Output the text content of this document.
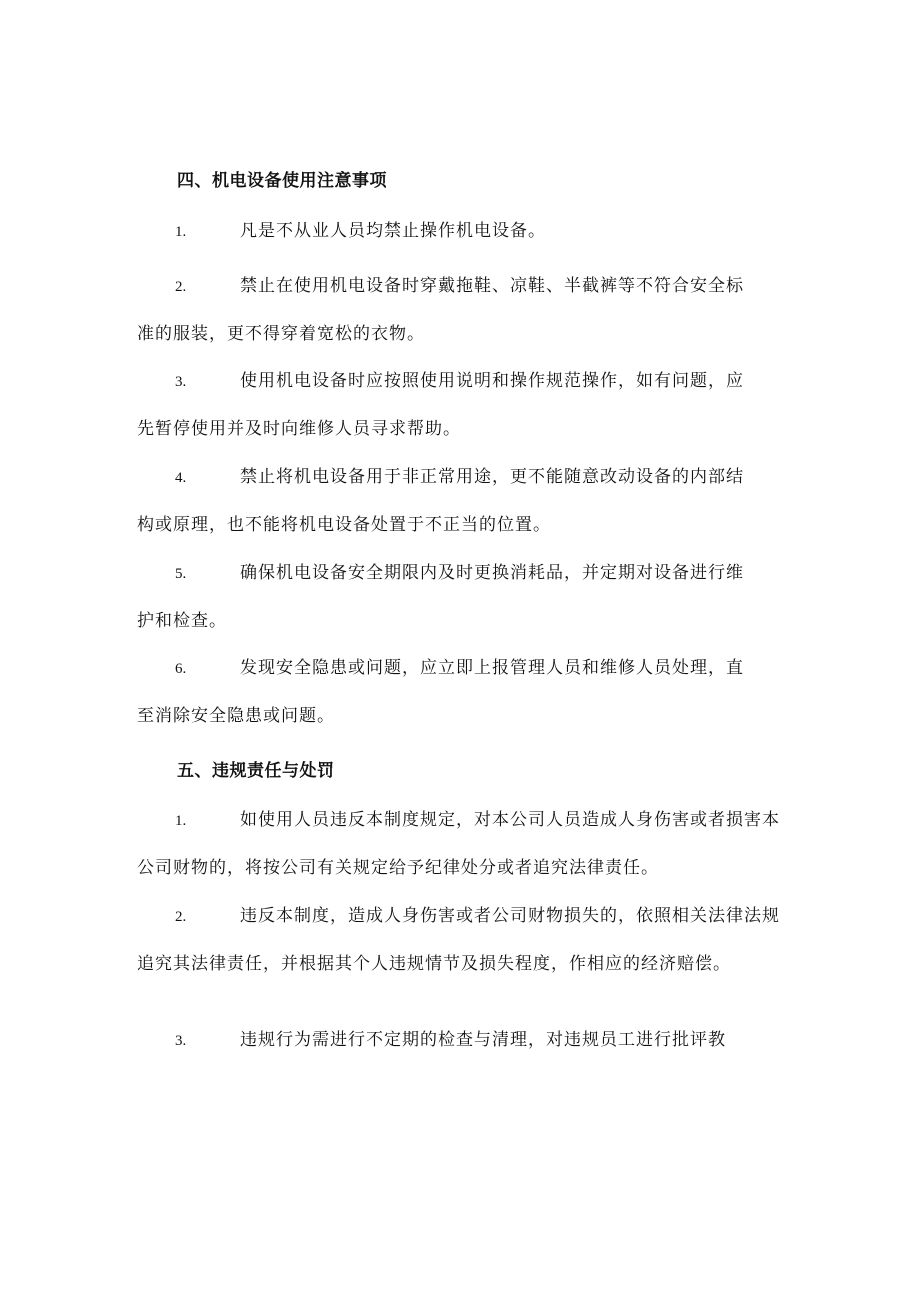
四、机电设备使用注意事项
1.	凡是不从业人员均禁止操作机电设备。
2.	禁止在使用机电设备时穿戴拖鞋、凉鞋、半截裤等不符合安全标准的服装，更不得穿着宽松的衣物。
3.	使用机电设备时应按照使用说明和操作规范操作，如有问题，应先暂停使用并及时向维修人员寻求帮助。
4.	禁止将机电设备用于非正常用途，更不能随意改动设备的内部结构或原理，也不能将机电设备处置于不正当的位置。
5.	确保机电设备安全期限内及时更换消耗品，并定期对设备进行维护和检查。
6.	发现安全隐患或问题，应立即上报管理人员和维修人员处理，直至消除安全隐患或问题。
五、违规责任与处罚
1.	如使用人员违反本制度规定，对本公司人员造成人身伤害或者损害本公司财物的，将按公司有关规定给予纪律处分或者追究法律责任。
2.	违反本制度，造成人身伤害或者公司财物损失的，依照相关法律法规追究其法律责任，并根据其个人违规情节及损失程度，作相应的经济赔偿。
3.	违规行为需进行不定期的检查与清理，对违规员工进行批评教
